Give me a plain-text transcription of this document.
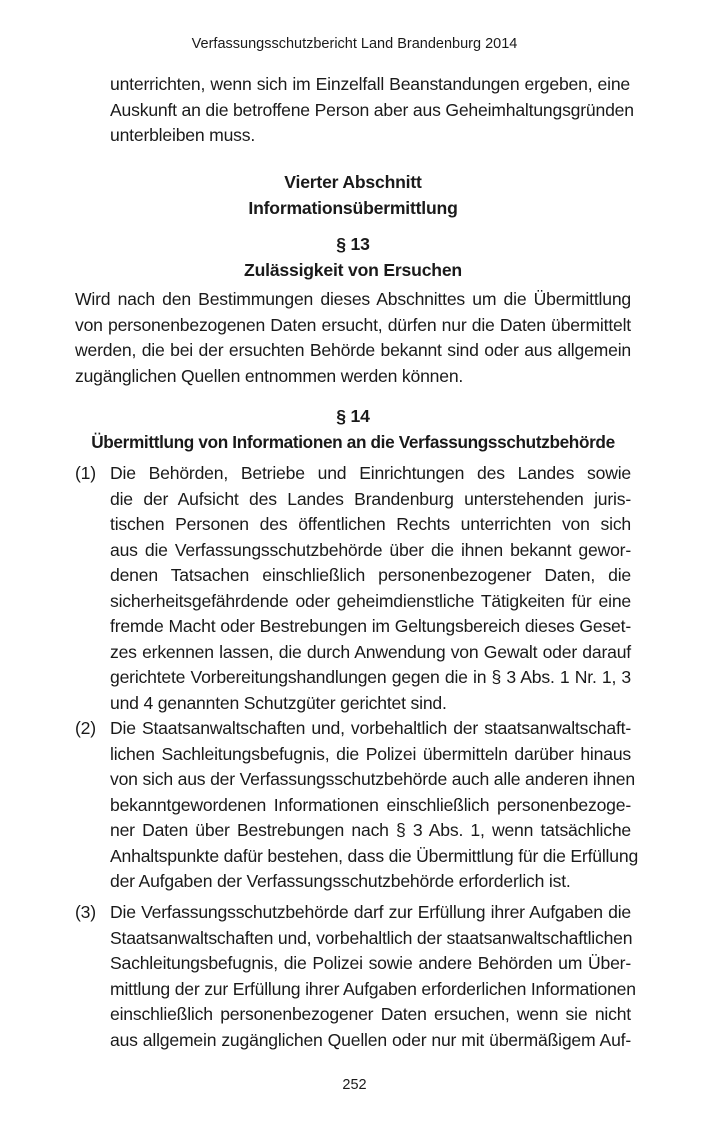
Verfassungsschutzbericht Land Brandenburg 2014
unterrichten, wenn sich im Einzelfall Beanstandungen ergeben, eine
Auskunft an die betroffene Person aber aus Geheimhaltungsgründen
unterbleiben muss.
Vierter Abschnitt
Informationsübermittlung
§ 13
Zulässigkeit von Ersuchen
Wird nach den Bestimmungen dieses Abschnittes um die Übermittlung
von personenbezogenen Daten ersucht, dürfen nur die Daten übermittelt
werden, die bei der ersuchten Behörde bekannt sind oder aus allgemein
zugänglichen Quellen entnommen werden können.
§ 14
Übermittlung von Informationen an die Verfassungsschutzbehörde
(1) Die Behörden, Betriebe und Einrichtungen des Landes sowie
die der Aufsicht des Landes Brandenburg unterstehenden juris-
tischen Personen des öffentlichen Rechts unterrichten von sich
aus die Verfassungsschutzbehörde über die ihnen bekannt gewor-
denen Tatsachen einschließlich personenbezogener Daten, die
sicherheitsgefährdende oder geheimdienstliche Tätigkeiten für eine
fremde Macht oder Bestrebungen im Geltungsbereich dieses Geset-
zes erkennen lassen, die durch Anwendung von Gewalt oder darauf
gerichtete Vorbereitungshandlungen gegen die in § 3 Abs. 1 Nr. 1, 3
und 4 genannten Schutzgüter gerichtet sind.
(2) Die Staatsanwaltschaften und, vorbehaltlich der staatsanwaltschaft-
lichen Sachleitungsbefugnis, die Polizei übermitteln darüber hinaus
von sich aus der Verfassungsschutzbehörde auch alle anderen ihnen
bekanntgewordenen Informationen einschließlich personenbezoge-
ner Daten über Bestrebungen nach § 3 Abs. 1, wenn tatsächliche
Anhaltspunkte dafür bestehen, dass die Übermittlung für die Erfüllung
der Aufgaben der Verfassungsschutzbehörde erforderlich ist.
(3) Die Verfassungsschutzbehörde darf zur Erfüllung ihrer Aufgaben die
Staatsanwaltschaften und, vorbehaltlich der staatsanwaltschaftlichen
Sachleitungsbefugnis, die Polizei sowie andere Behörden um Über-
mittlung der zur Erfüllung ihrer Aufgaben erforderlichen Informationen
einschließlich personenbezogener Daten ersuchen, wenn sie nicht
aus allgemein zugänglichen Quellen oder nur mit übermäßigem Auf-
252
